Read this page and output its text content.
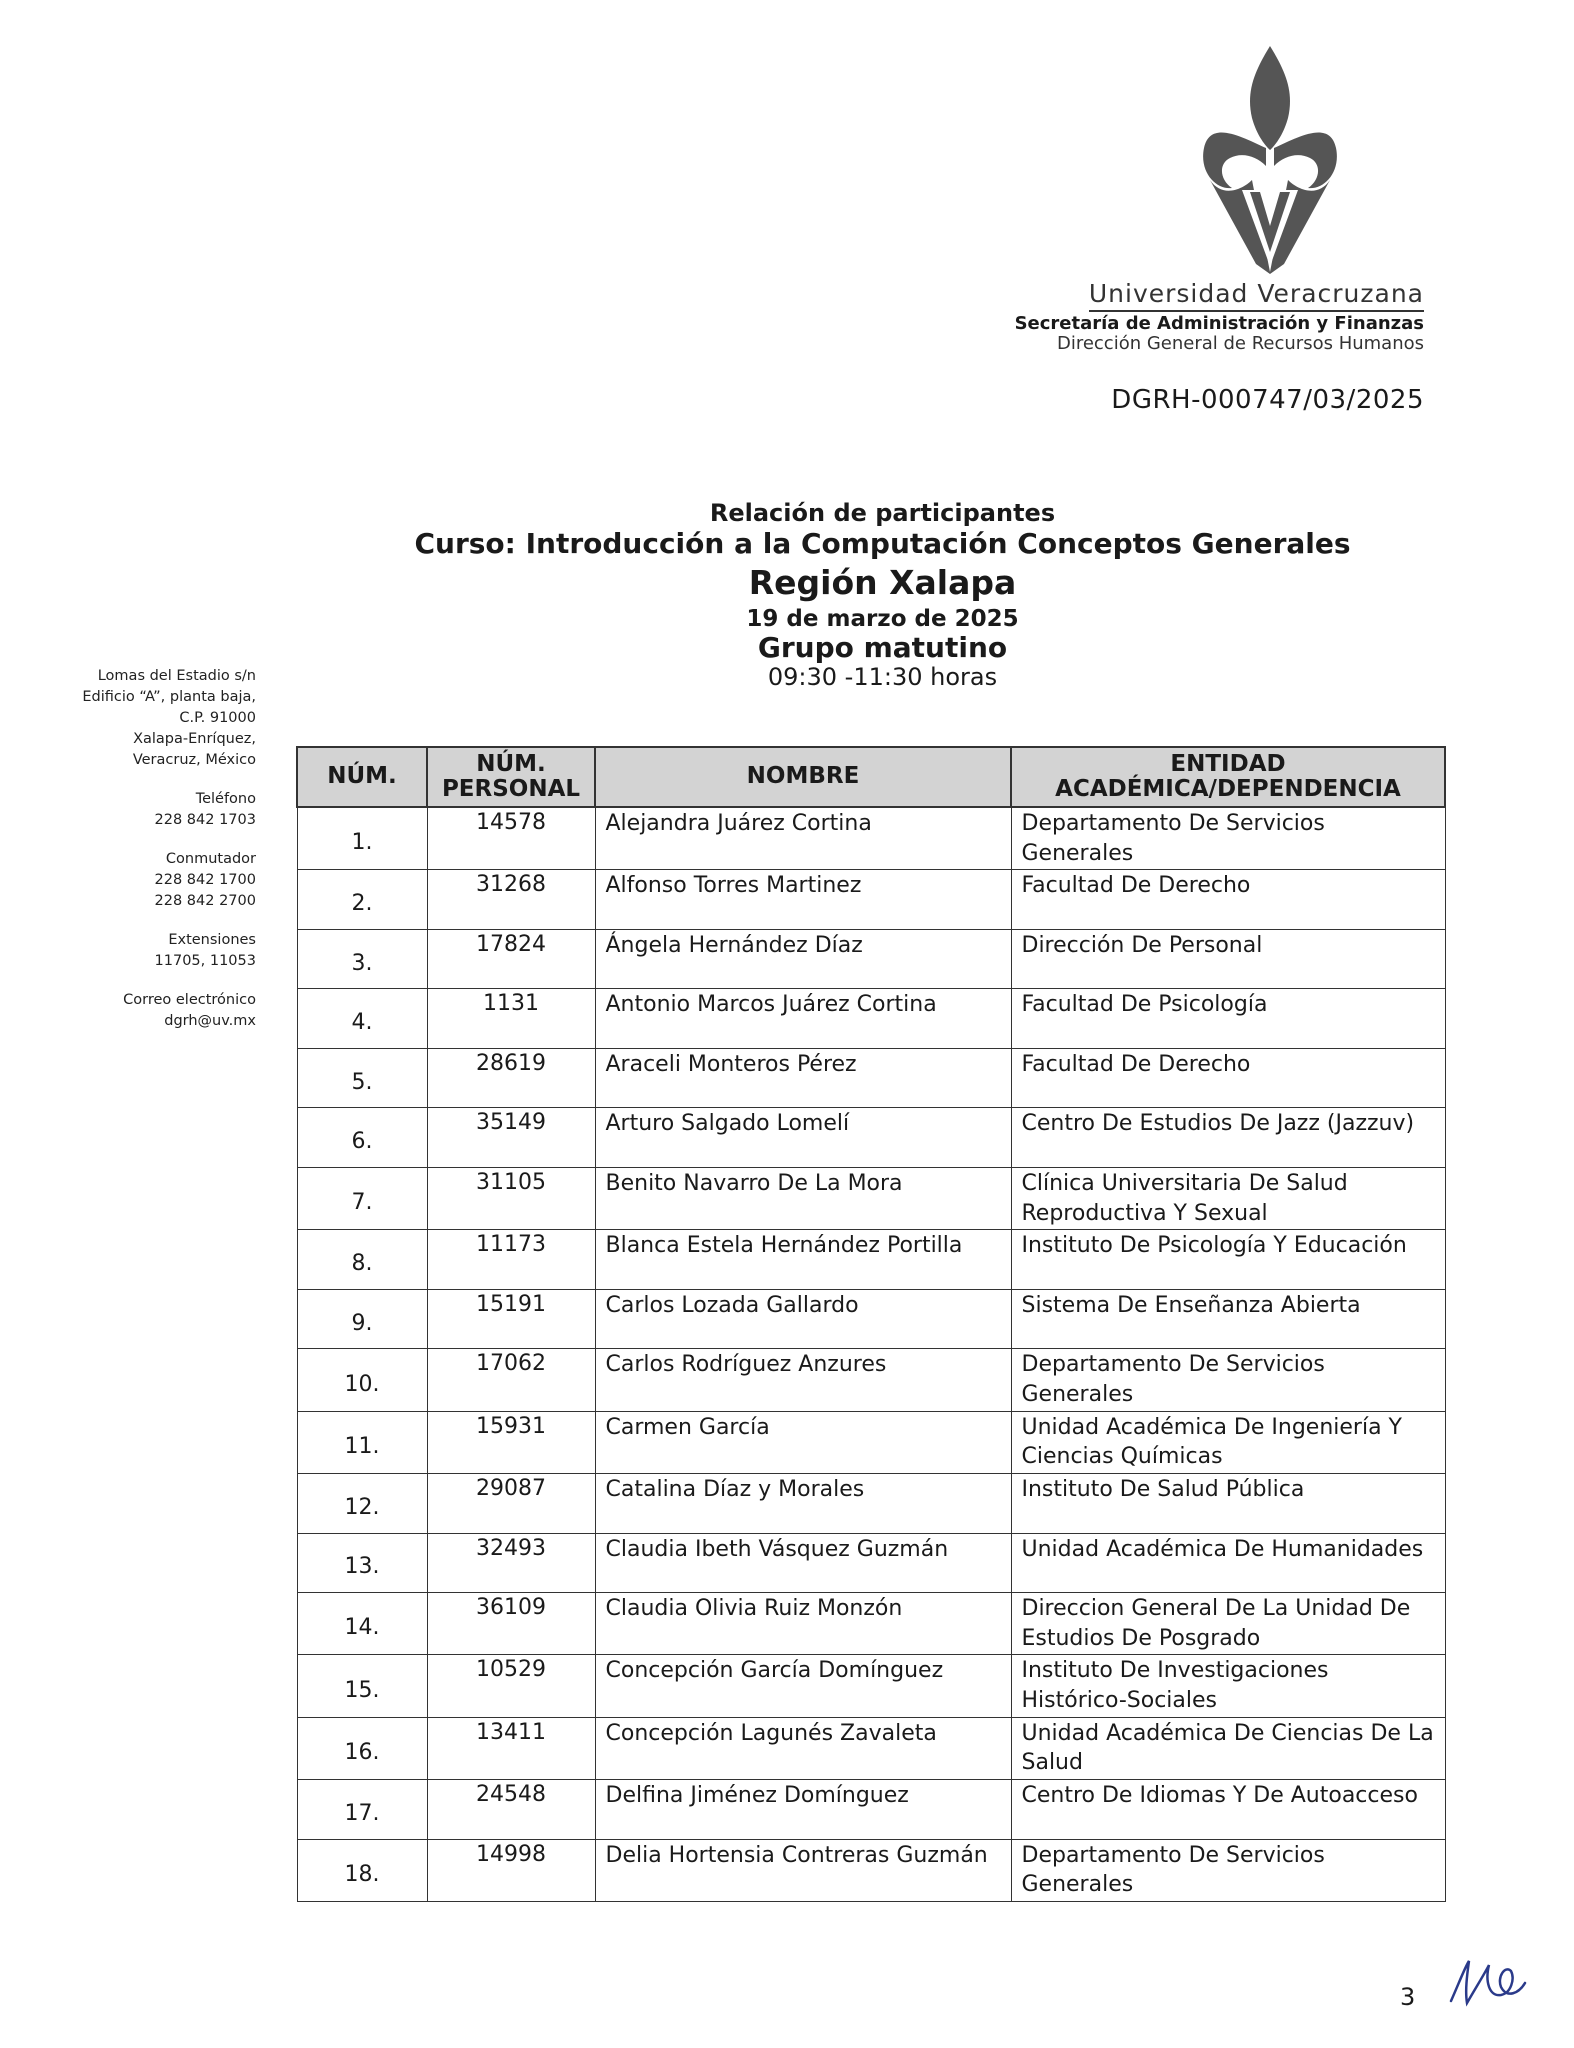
Universidad Veracruzana
Secretaría de Administración y Finanzas
Dirección General de Recursos Humanos
DGRH-000747/03/2025
Relación de participantes
Curso: Introducción a la Computación Conceptos Generales
Región Xalapa
19 de marzo de 2025
Grupo matutino
09:30 -11:30 horas
Lomas del Estadio s/n
Edificio “A”, planta baja,
C.P. 91000
Xalapa-Enríquez,
Veracruz, México
Teléfono
228 842 1703
Conmutador
228 842 1700
228 842 2700
Extensiones
11705, 11053
Correo electrónico
dgrh@uv.mx
NÚM.	NÚM. PERSONAL	NOMBRE	ENTIDAD ACADÉMICA/DEPENDENCIA
1.	14578	Alejandra Juárez Cortina	Departamento De Servicios Generales
2.	31268	Alfonso Torres Martinez	Facultad De Derecho
3.	17824	Ángela Hernández Díaz	Dirección De Personal
4.	1131	Antonio Marcos Juárez Cortina	Facultad De Psicología
5.	28619	Araceli Monteros Pérez	Facultad De Derecho
6.	35149	Arturo Salgado Lomelí	Centro De Estudios De Jazz (Jazzuv)
7.	31105	Benito Navarro De La Mora	Clínica Universitaria De Salud Reproductiva Y Sexual
8.	11173	Blanca Estela Hernández Portilla	Instituto De Psicología Y Educación
9.	15191	Carlos Lozada Gallardo	Sistema De Enseñanza Abierta
10.	17062	Carlos Rodríguez Anzures	Departamento De Servicios Generales
11.	15931	Carmen García	Unidad Académica De Ingeniería Y Ciencias Químicas
12.	29087	Catalina Díaz y Morales	Instituto De Salud Pública
13.	32493	Claudia Ibeth Vásquez Guzmán	Unidad Académica De Humanidades
14.	36109	Claudia Olivia Ruiz Monzón	Direccion General De La Unidad De Estudios De Posgrado
15.	10529	Concepción García Domínguez	Instituto De Investigaciones Histórico-Sociales
16.	13411	Concepción Lagunés Zavaleta	Unidad Académica De Ciencias De La Salud
17.	24548	Delfina Jiménez Domínguez	Centro De Idiomas Y De Autoacceso
18.	14998	Delia Hortensia Contreras Guzmán	Departamento De Servicios Generales
3
